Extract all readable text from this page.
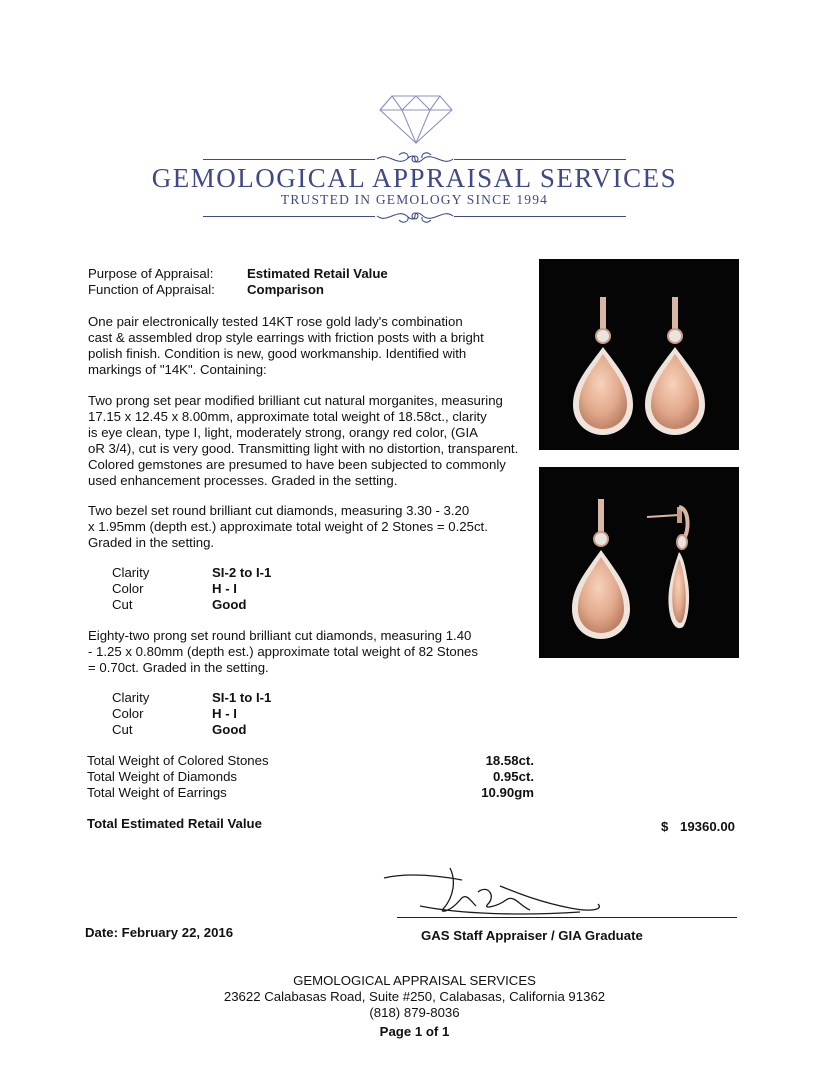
GEMOLOGICAL APPRAISAL SERVICES
TRUSTED IN GEMOLOGY SINCE 1994
Purpose of Appraisal:	Estimated Retail Value
Function of Appraisal: Comparison
One pair electronically tested 14KT rose gold lady's combination
cast & assembled drop style earrings with friction posts with a bright
polish finish. Condition is new, good workmanship. Identified with
markings of "14K". Containing:
Two prong set pear modified brilliant cut natural morganites, measuring
17.15 x 12.45 x 8.00mm, approximate total weight of 18.58ct., clarity
is eye clean, type I, light, moderately strong, orangy red color, (GIA
oR 3/4), cut is very good. Transmitting light with no distortion, transparent.
Colored gemstones are presumed to have been subjected to commonly
used enhancement processes. Graded in the setting.
Two bezel set round brilliant cut diamonds, measuring 3.30 - 3.20
x 1.95mm (depth est.) approximate total weight of 2 Stones = 0.25ct.
Graded in the setting.
Clarity	SI-2 to I-1
Color	H - I
Cut	Good
Eighty-two prong set round brilliant cut diamonds, measuring 1.40
- 1.25 x 0.80mm (depth est.) approximate total weight of 82 Stones
= 0.70ct. Graded in the setting.
Clarity	SI-1 to I-1
Color	H - I
Cut	Good
Total Weight of Colored Stones	18.58ct.
Total Weight of Diamonds	0.95ct.
Total Weight of Earrings	10.90gm
Total Estimated Retail Value	$ 19360.00
Date: February 22, 2016	GAS Staff Appraiser / GIA Graduate
GEMOLOGICAL APPRAISAL SERVICES
23622 Calabasas Road, Suite #250, Calabasas, California 91362
(818) 879-8036
Page 1 of 1
